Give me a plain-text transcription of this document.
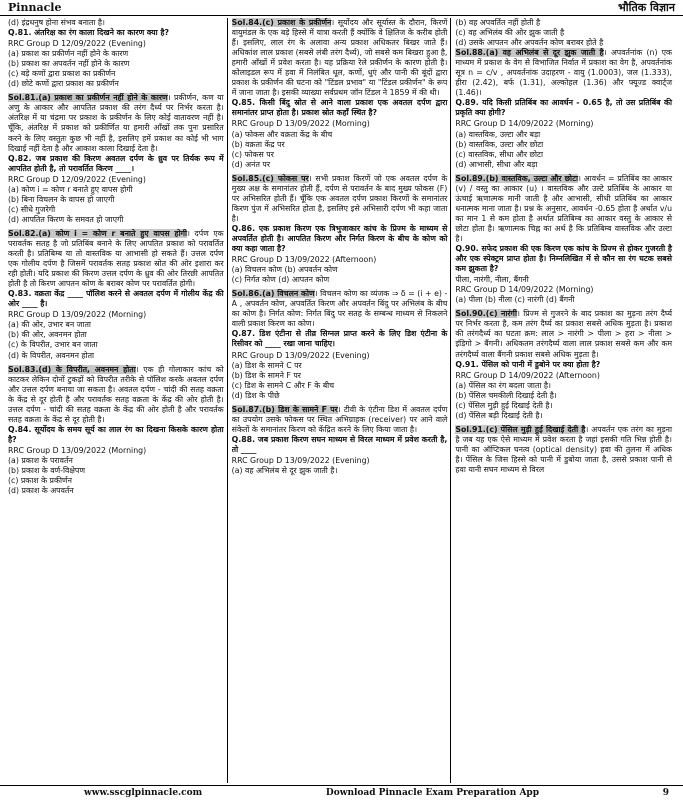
Pinnacle	भौतिक विज्ञान
(d) इंद्रधनुष होना संभव बनाता है।
Q.81. अंतरिक्ष का रंग काला दिखने का कारण क्या है?
RRC Group D 12/09/2022 (Evening)
(a) प्रकाश का प्रकीर्णन नहीं होने के कारण
(b) प्रकाश का अपवर्तन नहीं होने के कारण
(c) बड़े कणों द्वारा प्रकाश का प्रकीर्णन
(d) छोटे कणों द्वारा प्रकाश का प्रकीर्णन
Sol.81.(a) प्रकाश का प्रकीर्णन नहीं होने के कारण। प्रकीर्णन, कण या अणु के आकार और आपतित प्रकाश की तरंग दैर्ध्य पर निर्भर करता है। अंतरिक्ष में या चंद्रमा पर प्रकाश के प्रकीर्णन के लिए कोई वातावरण नहीं है। चूँकि, अंतरिक्ष में प्रकाश को प्रकीर्णित या हमारी आँखों तक पुनः प्रसारित करने के लिए वस्तुतः कुछ भी नहीं है, इसलिए हमें प्रकाश का कोई भी भाग दिखाई नहीं देता है और आकाश काला दिखाई देता है।
Q.82. जब प्रकाश की किरण अवतल दर्पण के ध्रुव पर तिर्यक रूप में आपतित होती है, तो परावर्तित किरण ____।
RRC Group D 12/09/2022 (Evening)
(a) कोण i = कोण r बनाते हुए वापस होगी
(b) बिना विचलन के वापस हो जाएगी
(c) सीधे गुजरेगी
(d) आपतित किरण के समवत हो जाएगी
Sol.82.(a) कोण i = कोण r बनाते हुए वापस होगी। दर्पण एक परावर्तक सतह है जो प्रतिबिंब बनाने के लिए आपतित प्रकाश को परावर्तित करती है। प्रतिबिम्ब या तो वास्तविक या आभासी हो सकते हैं। उत्तल दर्पण एक गोलीय दर्पण है जिसमें परावर्तक सतह प्रकाश स्रोत की ओर इशारा कर रही होती। यदि प्रकाश की किरण उत्तल दर्पण के ध्रुव की ओर तिरछी आपतित होती है तो किरण आपतन कोण के बराबर कोण पर परावर्तित होगी।
Q.83. वक्रता केंद्र ____ पॉलिश करने से अवतल दर्पण में गोलीय केंद्र की ओर ____ है।
RRC Group D 13/09/2022 (Morning)
(a) की ओर, उभार बन जाता
(b) की ओर, अवनमन होता
(c) के विपरीत, उभार बन जाता
(d) के विपरीत, अवनमन होता
Sol.83.(d) के विपरीत, अवनमन होता। एक ही गोलाकार कांच को काटकर लेकिन दोनों टुकड़ों को विपरीत तरीके से पॉलिश करके अवतल दर्पण और उत्तल दर्पण बनाया जा सकता है। अवतल दर्पण - चांदी की सतह वक्रता के केंद्र से दूर होती है और परावर्तक सतह वक्रता के केंद्र की ओर होती है। उत्तल दर्पण - चांदी की सतह वक्रता के केंद्र की ओर होती है और परावर्तक सतह वक्रता के केंद्र से दूर होती है।
Q.84. सूर्योदय के समय सूर्य का लाल रंग का दिखना किसके कारण होता है?
RRC Group D 13/09/2022 (Morning)
(a) प्रकाश के परावर्तन
(b) प्रकाश के वर्ण-विक्षेपण
(c) प्रकाश के प्रकीर्णन
(d) प्रकाश के अपवर्तन
Sol.84.(c) प्रकाश के प्रकीर्णन। सूर्योदय और सूर्यास्त के दौरान, किरणें वायुमंडल के एक बड़े हिस्से में यात्रा करती हैं क्योंकि वे क्षितिज के करीब होती हैं। इसलिए, लाल रंग के अलावा अन्य प्रकाश अधिकतर बिखर जाते हैं। अधिकांश लाल प्रकाश (सबसे लंबी तरंग दैर्ध्य), जो सबसे कम बिखरा हुआ है, हमारी आँखों में प्रवेश करता है। यह प्रक्रिया रेले प्रकीर्णन के कारण होती है। कोलाइडल रूप में हवा में निलंबित धूल, कणों, धुएं और पानी की बूंदों द्वारा प्रकाश के प्रकीर्णन की घटना को "टिंडल प्रभाव" या "टिंडल प्रकीर्णन" के रूप में जाना जाता है। इसकी व्याख्या सर्वप्रथम जॉन टिंडल ने 1859 में की थी।
Q.85. किसी बिंदु स्रोत से आने वाला प्रकाश एक अवतल दर्पण द्वारा समानांतर प्राप्त होता है। प्रकाश स्रोत कहाँ स्थित है?
RRC Group D 13/09/2022 (Morning)
(a) फोकस और वक्रता केंद्र के बीच
(b) वक्रता केंद्र पर
(c) फोकस पर
(d) अनंत पर
Sol.85.(c) फोकस पर। सभी प्रकाश किरणें जो एक अवतल दर्पण के मुख्य अक्ष के समानांतर होती हैं, दर्पण से परावर्तन के बाद मुख्य फोकस (F) पर अभिसरित होती हैं। चूँकि एक अवतल दर्पण प्रकाश किरणों के समानांतर किरण पुंज में अभिसरित होता है, इसलिए इसे अभिसारी दर्पण भी कहा जाता है।
Q.86. एक प्रकाश किरण एक त्रिभुजाकार कांच के प्रिज्म के माध्यम से अपवर्तित होती है। आपतित किरण और निर्गत किरण के बीच के कोण को क्या कहा जाता है?
RRC Group D 13/09/2022 (Afternoon)
(a) विचलन कोण (b) अपवर्तन कोण
(c) निर्गत कोण (d) आपतन कोण
Sol.86.(a) विचलन कोण। विचलन कोण का व्यंजक ⇒ δ = (i + e) - A , अपवर्तन कोण, अपवर्तित किरण और अपवर्तन बिंदु पर अभिलंब के बीच का कोण है। निर्गत कोण: निर्गत बिंदु पर सतह के सम्बन्ध माध्यम से निकलने वाली प्रकाश किरण का कोण।
Q.87. डिश एंटीना से तीव्र सिग्नल प्राप्त करने के लिए डिश एंटीना के रिसीवर को ____ रखा जाना चाहिए।
RRC Group D 13/09/2022 (Evening)
(a) डिश के सामने C पर
(b) डिश के सामने F पर
(c) डिश के सामने C और F के बीच
(d) डिश के पीछे
Sol.87.(b) डिश के सामने F पर। टीवी के एंटीना डिश में अवतल दर्पण का उपयोग उसके फोकस पर स्थित अभिग्राहक (receiver) पर आने वाले संकेतों के समानांतर किरण को केंद्रित करने के लिए किया जाता है।
Q.88. जब प्रकाश किरण सघन माध्यम से विरल माध्यम में प्रवेश करती है, तो ____
RRC Group D 13/09/2022 (Evening)
(a) वह अभिलंब से दूर झुक जाती है।
(b) वह अपवर्तित नहीं होती है
(c) वह अभिलंब की ओर झुक जाती है
(d) उसके आपतन और अपवर्तन कोण बराबर होते है
Sol.88.(a) वह अभिलंब से दूर झुक जाती है। अपवर्तनांक (n) एक माध्यम में प्रकाश के वेग से विभाजित निर्वात में प्रकाश का वेग है, अपवर्तनांक सूत्र n = c/v , अपवर्तनांक उदाहरण - वायु (1.0003), जल (1.333), हीरा (2.42), बर्फ (1.31), अल्कोहल (1.36) और फ्यूज्ड क्वार्ट्ज (1.46)।
Q.89. यदि किसी प्रतिबिंब का आवर्धन - 0.65 है, तो उस प्रतिबिंब की प्रकृति क्या होगी?
RRC Group D 14/09/2022 (Morning)
(a) वास्तविक, उल्टा और बड़ा
(b) वास्तविक, उल्टा और छोटा
(c) वास्तविक, सीधा और छोटा
(d) आभासी, सीधा और बड़ा
Sol.89.(b) वास्तविक, उल्टा और छोटा। आवर्धन = प्रतिबिंब का आकार (v) / वस्तु का आकार (u) । वास्तविक और उल्टे प्रतिबिंब के आकार या ऊंचाई ऋणात्मक मानी जाती है और आभासी, सीधी प्रतिबिंब का आकार धनात्मक माना जाता है। प्रश्न के अनुसार, आवर्धन -0.65 होता है अर्थात v/u का मान 1 से कम होता है अर्थात प्रतिबिम्ब का आकार वस्तु के आकार से छोटा होता है। ऋणात्मक चिह्न का अर्थ है कि प्रतिबिम्ब वास्तविक और उल्टा है।
Q.90. सफेद प्रकाश की एक किरण एक कांच के प्रिज्म से होकर गुजरती है और एक स्पेक्ट्रम प्राप्त होता है। निम्नलिखित में से कौन सा रंग घटक सबसे कम झुकता है?
पीला, नारंगी, नीला, बैंगनी
RRC Group D 14/09/2022 (Morning)
(a) पीला (b) नीला (c) नारंगी (d) बैंगनी
Sol.90.(c) नारंगी। प्रिज्म से गुजरने के बाद प्रकाश का मुड़ना तरंग दैर्घ्य पर निर्भर करता है, कम तरंग दैर्घ्य का प्रकाश सबसे अधिक मुड़ता है। प्रकाश की तरंगदैर्ध्य का घटता क्रम: लाल > नारंगी > पीला > हरा > नीला > इंडिगो > बैंगनी। अधिकतम तरंगदैर्घ्य वाला लाल प्रकाश सबसे कम और कम तरंगदैर्घ्य वाला बैंगनी प्रकाश सबसे अधिक मुड़ता है।
Q.91. पेंसिल को पानी में डुबोने पर क्या होता है?
RRC Group D 14/09/2022 (Afternoon)
(a) पेंसिल का रंग बदला जाता है।
(b) पेंसिल चमकीली दिखाई देती है।
(c) पेंसिल मुड़ी हुई दिखाई देती है।
(d) पेंसिल बड़ी दिखाई देती है।
Sol.91.(c) पेंसिल मुड़ी हुई दिखाई देती है। अपवर्तन एक तरंग का मुड़ना है जब यह एक ऐसे माध्यम में प्रवेश करता है जहां इसकी गति भिन्न होती है। पानी का ऑप्टिकल घनत्व (optical density) हवा की तुलना में अधिक है। पेंसिल के जिस हिस्से को पानी में डुबोया जाता है, उससे प्रकाश पानी से हवा यानी सघन माध्यम से विरल
www.sscglpinnacle.com	Download Pinnacle Exam Preparation App	9
